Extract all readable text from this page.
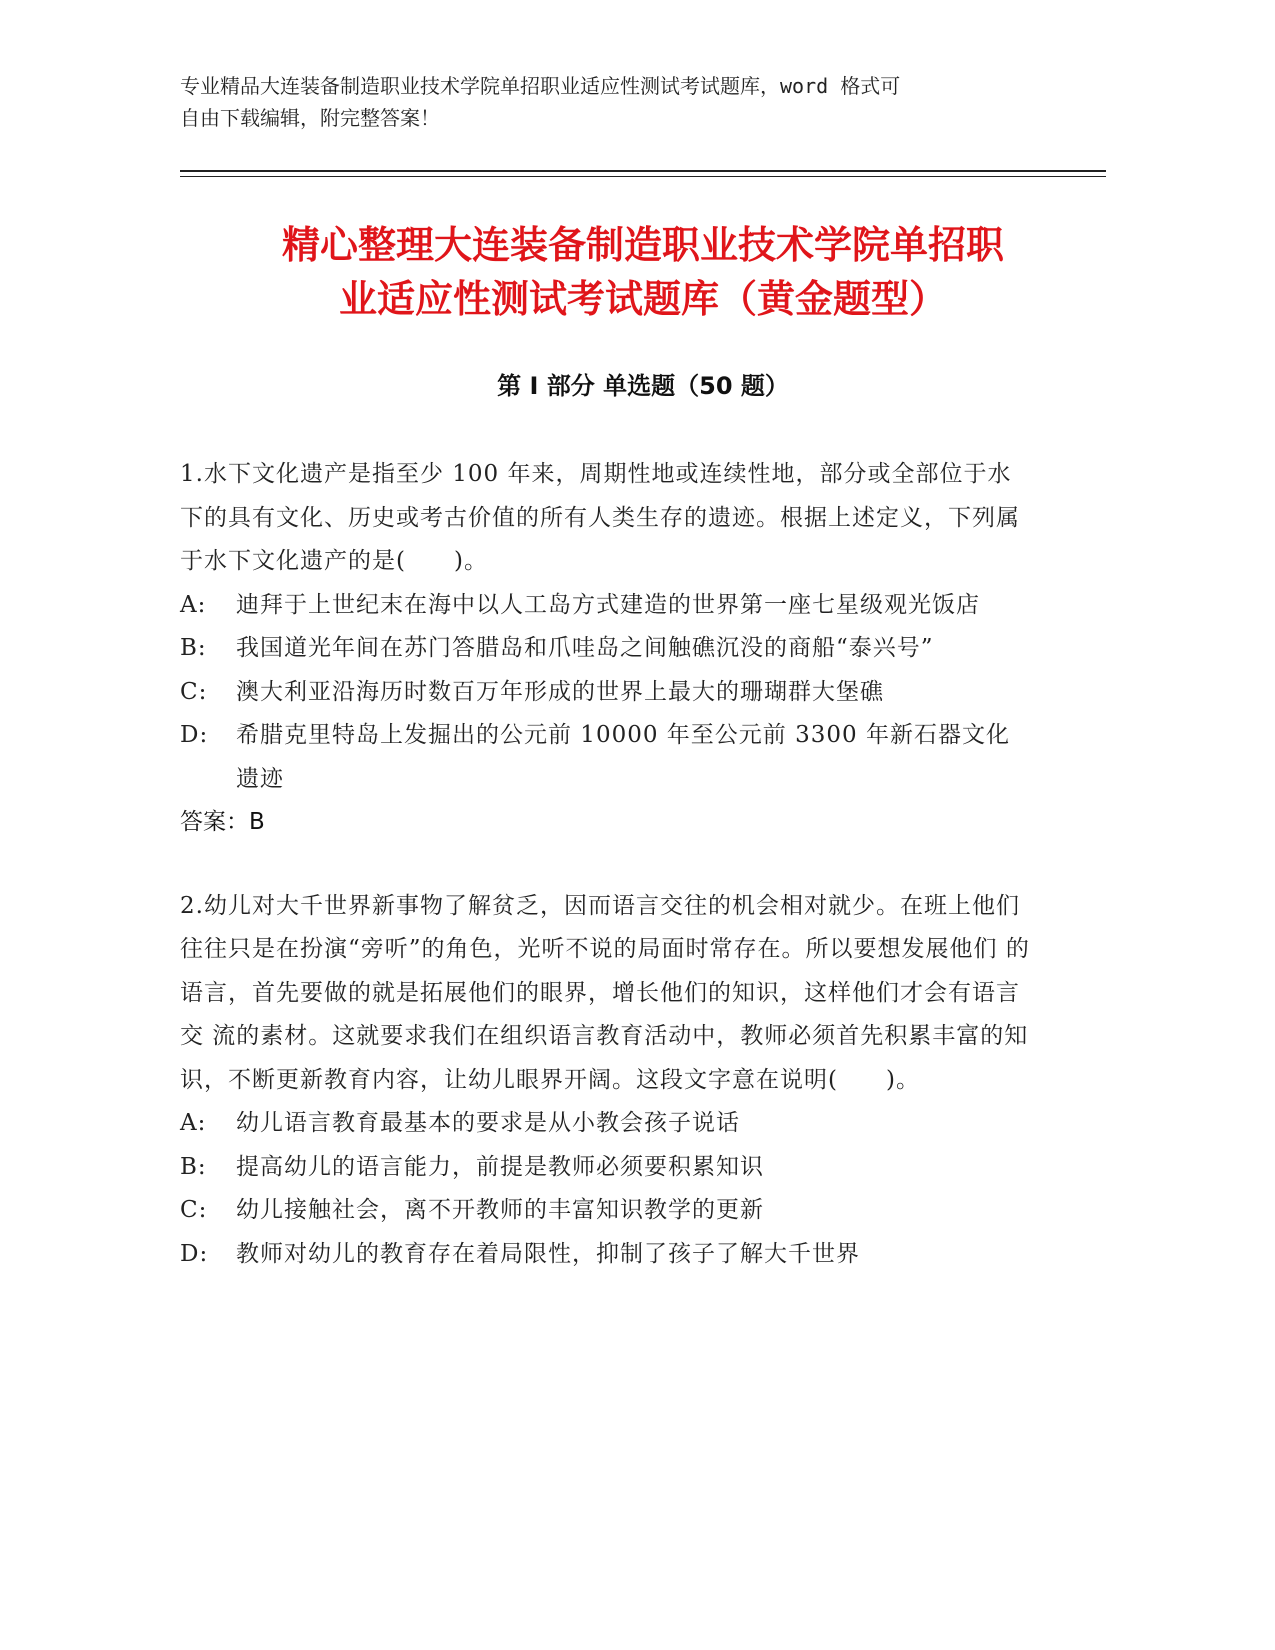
专业精品大连装备制造职业技术学院单招职业适应性测试考试题库，word 格式可
自由下载编辑，附完整答案！
精心整理大连装备制造职业技术学院单招职
业适应性测试考试题库（黄金题型）
第 I 部分 单选题（50 题）

1.水下文化遗产是指至少 100 年来，周期性地或连续性地，部分或全部位于水 下的具有文化、历史或考古价值的所有人类生存的遗迹。根据上述定义，下列属于水下文化遗产的是(　　)。

A:	迪拜于上世纪末在海中以人工岛方式建造的世界第一座七星级观光饭店
B:	我国道光年间在苏门答腊岛和爪哇岛之间触礁沉没的商船“泰兴号”
C:	澳大利亚沿海历时数百万年形成的世界上最大的珊瑚群大堡礁
D:	希腊克里特岛上发掘出的公元前 10000 年至公元前 3300 年新石器文化遗迹

答案：B

2.幼儿对大千世界新事物了解贫乏，因而语言交往的机会相对就少。在班上他们往往只是在扮演“旁听”的角色，光听不说的局面时常存在。所以要想发展他们 的语言，首先要做的就是拓展他们的眼界，增长他们的知识，这样他们才会有语言交 流的素材。这就要求我们在组织语言教育活动中，教师必须首先积累丰富的知识，不断更新教育内容，让幼儿眼界开阔。这段文字意在说明(　　)。

A:	幼儿语言教育最基本的要求是从小教会孩子说话
B:	提高幼儿的语言能力，前提是教师必须要积累知识
C:	幼儿接触社会，离不开教师的丰富知识教学的更新
D:	教师对幼儿的教育存在着局限性，抑制了孩子了解大千世界
